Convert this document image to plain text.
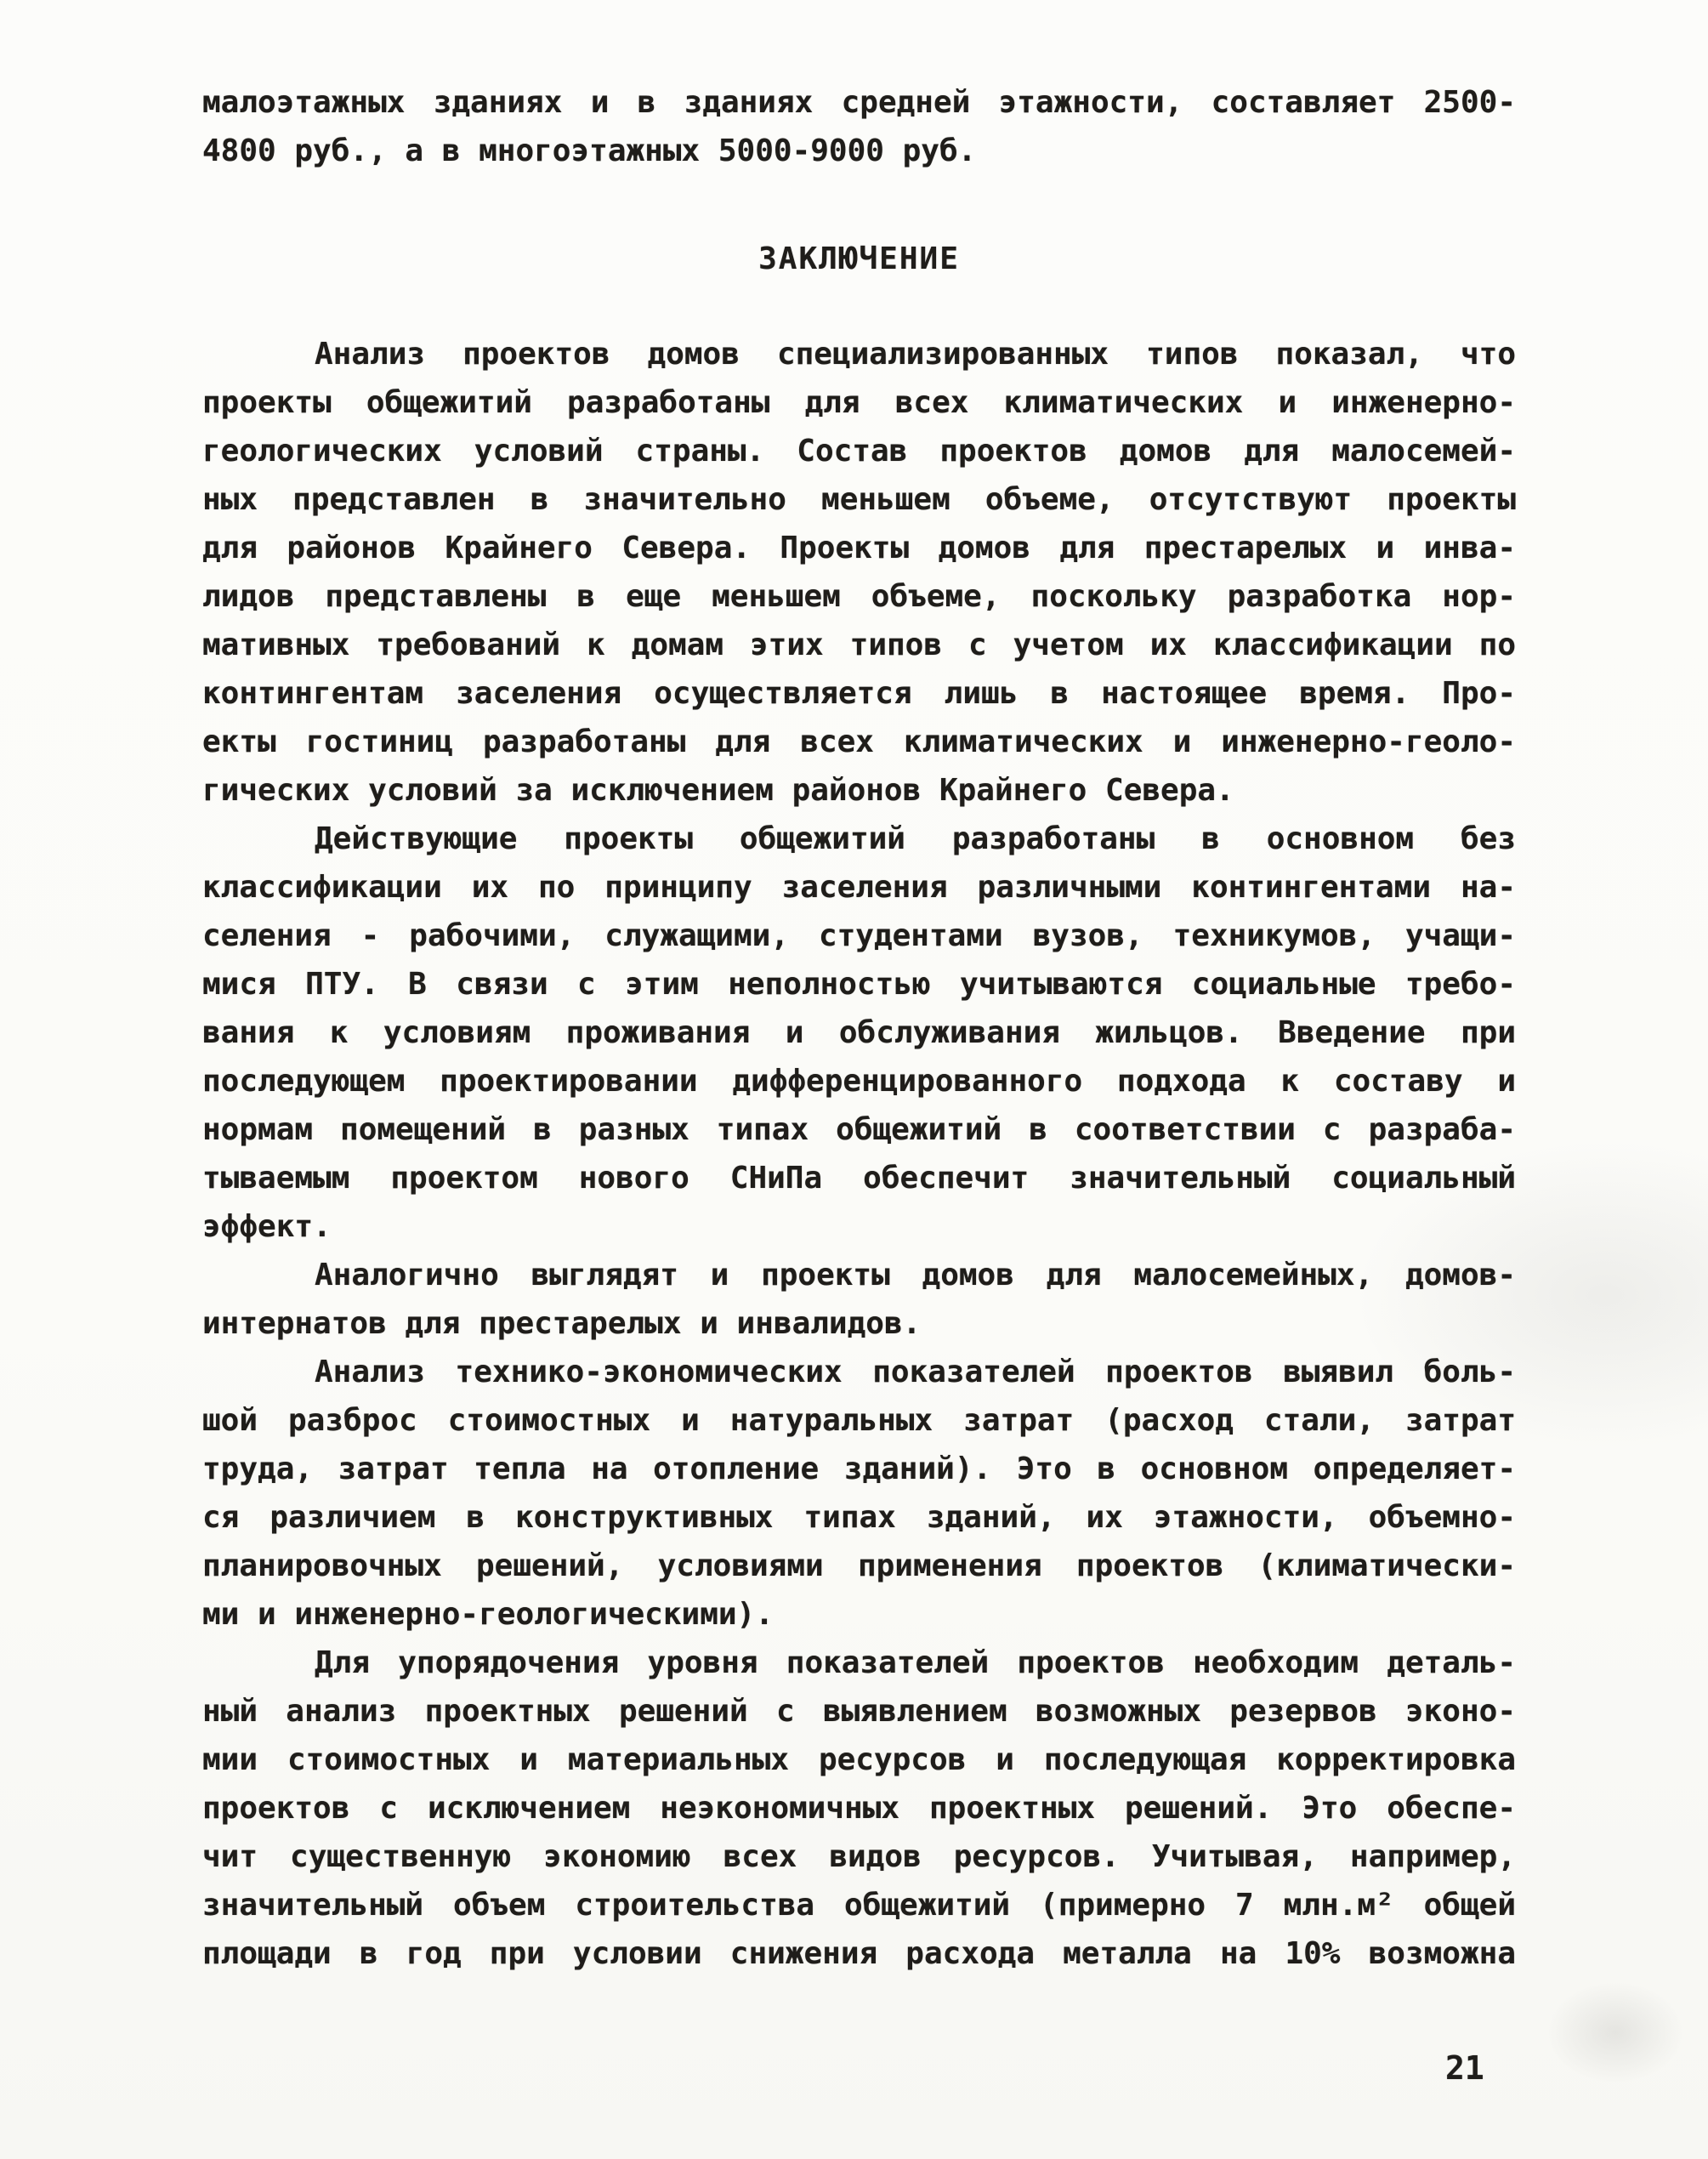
малоэтажных зданиях и в зданиях средней этажности, составляет 2500-
4800 руб., а в многоэтажных 5000-9000 руб.
ЗАКЛЮЧЕНИЕ
Анализ проектов домов специализированных типов показал, что
проекты общежитий разработаны для всех климатических и инженерно-
геологических условий страны. Состав проектов домов для малосемей-
ных представлен в значительно меньшем объеме, отсутствуют проекты
для районов Крайнего Севера. Проекты домов для престарелых и инва-
лидов представлены в еще меньшем объеме, поскольку разработка нор-
мативных требований к домам этих типов с учетом их классификации по
контингентам заселения осуществляется лишь в настоящее время. Про-
екты гостиниц разработаны для всех климатических и инженерно-геоло-
гических условий за исключением районов Крайнего Севера.
Действующие проекты общежитий разработаны в основном без
классификации их по принципу заселения различными контингентами на-
селения - рабочими, служащими, студентами вузов, техникумов, учащи-
мися ПТУ. В связи с этим неполностью учитываются социальные требо-
вания к условиям проживания и обслуживания жильцов. Введение при
последующем проектировании дифференцированного подхода к составу и
нормам помещений в разных типах общежитий в соответствии с разраба-
тываемым проектом нового СНиПа обеспечит значительный социальный
эффект.
Аналогично выглядят и проекты домов для малосемейных, домов-
интернатов для престарелых и инвалидов.
Анализ технико-экономических показателей проектов выявил боль-
шой разброс стоимостных и натуральных затрат (расход стали, затрат
труда, затрат тепла на отопление зданий). Это в основном определяет-
ся различием в конструктивных типах зданий, их этажности, объемно-
планировочных решений, условиями применения проектов (климатически-
ми и инженерно-геологическими).
Для упорядочения уровня показателей проектов необходим деталь-
ный анализ проектных решений с выявлением возможных резервов эконо-
мии стоимостных и материальных ресурсов и последующая корректировка
проектов с исключением неэкономичных проектных решений. Это обеспе-
чит существенную экономию всех видов ресурсов. Учитывая, например,
значительный объем строительства общежитий (примерно 7 млн.м² общей
площади в год при условии снижения расхода металла на 10% возможна
21
